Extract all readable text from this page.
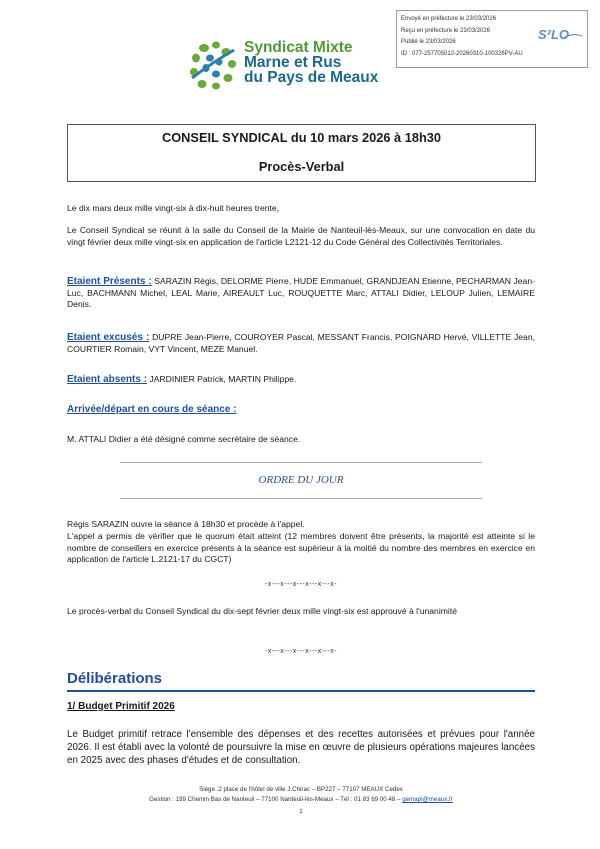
Envoyé en préfecture le 23/03/2026
Reçu en préfecture le 23/03/2026
Publié le 23/03/2026
ID : 077-257705012-20260310-100326PV-AU
S²LO
Syndicat Mixte
Marne et Rus
du Pays de Meaux
CONSEIL SYNDICAL du 10 mars 2026 à 18h30
Procès-Verbal
Le dix mars deux mille vingt-six à dix-huit heures trente,
Le Conseil Syndical se réunit à la salle du Conseil de la Mairie de Nanteuil-lès-Meaux, sur une convocation en date du vingt février deux mille vingt-six en application de l'article L2121-12 du Code Général des Collectivités Territoriales.
Etaient Présents : SARAZIN Régis, DELORME Pierre, HUDE Emmanuel, GRANDJEAN Etienne, PECHARMAN Jean-Luc, BACHMANN Michel, LEAL Marie, AIREAULT Luc, ROUQUETTE Marc, ATTALI Didier, LELOUP Julien, LEMAIRE Denis.
Etaient excusés : DUPRE Jean-Pierre, COUROYER Pascal, MESSANT Francis, POIGNARD Hervé, VILLETTE Jean, COURTIER Romain, VYT Vincent, MEZE Manuel.
Etaient absents : JARDINIER Patrick, MARTIN Philippe.
Arrivée/départ en cours de séance :
M. ATTALI Didier a été désigné comme secrétaire de séance.
ORDRE DU JOUR
Régis SARAZIN ouvre la séance à 18h30 et procède à l'appel.
L'appel a permis de vérifier que le quorum était atteint (12 membres doivent être présents, la majorité est atteinte si le nombre de conseillers en exercice présents à la séance est supérieur à la moitié du nombre des membres en exercice en application de l'article L.2121-17 du CGCT)
-x---x---x---x---x---x-
Le procès-verbal du Conseil Syndical du dix-sept février deux mille vingt-six est approuvé à l'unanimité
-x---x---x---x---x---x-
Délibérations
1/ Budget Primitif 2026
Le Budget primitif retrace l'ensemble des dépenses et des recettes autorisées et prévues pour l'année 2026. Il est établi avec la volonté de poursuivre la mise en œuvre de plusieurs opérations majeures lancées en 2025 avec des phases d'études et de consultation.
Siège :2 place de l'hôtel de ville J.Chirac – BP227 – 77107 MEAUX Cedex
Gestion : 199 Chemin Bas de Nanteuil – 77100 Nanteuil-lès-Meaux – Tél : 01 83 69 00 48 – gemapi@meaux.fr
1
